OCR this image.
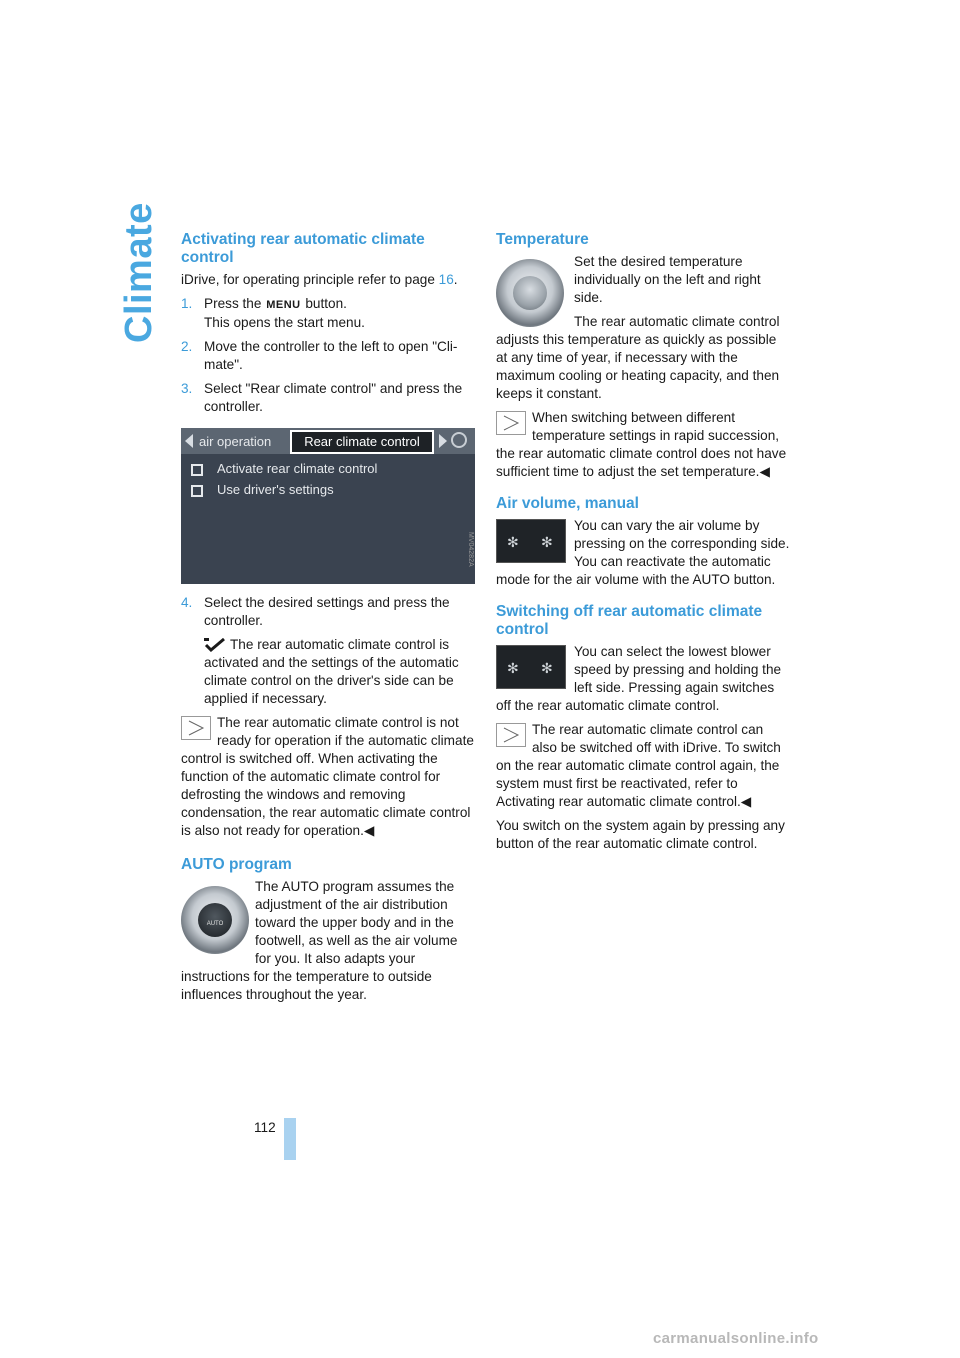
Climate Activating rear automatic climate control

iDrive, for operating principle refer to page 16.

1. Press the MENU button.
This opens the start menu.
2. Move the controller to the left to open "Cli-mate".
3. Select "Rear climate control" and press the controller.
air operation	Rear climate control
Activate rear climate control
Use driver's settings
MV04282A
4. Select the desired settings and press the controller.
The rear automatic climate control is activated and the settings of the automatic climate control on the driver's side can be applied if necessary.
The rear automatic climate control is not ready for operation if the automatic climate control is switched off. When activating the function of the automatic climate control for defrosting the windows and removing condensation, the rear automatic climate control is also not ready for operation.◀
AUTO program
AUTO
The AUTO program assumes the adjustment of the air distribution toward the upper body and in the footwell, as well as the air volume for you. It also adapts your instructions for the temperature to outside influences throughout the year.
Temperature

Set the desired temperature individually on the left and right side.

The rear automatic climate control adjusts this temperature as quickly as possible at any time of year, if necessary with the maximum cooling or heating capacity, and then keeps it constant.

When switching between different temperature settings in rapid succession, the rear automatic climate control does not have sufficient time to adjust the set temperature.◀
Air volume, manual
✻ ✻
You can vary the air volume by pressing on the corresponding side. You can reactivate the automatic mode for the air volume with the AUTO button.
Switching off rear automatic climate control
✻ ✻

You can select the lowest blower speed by pressing and holding the left side. Pressing again switches off the rear automatic climate control.

The rear automatic climate control can also be switched off with iDrive. To switch on the rear automatic climate control again, the system must first be reactivated, refer to Activating rear automatic climate control.◀

You switch on the system again by pressing any button of the rear automatic climate control.

112
carmanualsonline.info
